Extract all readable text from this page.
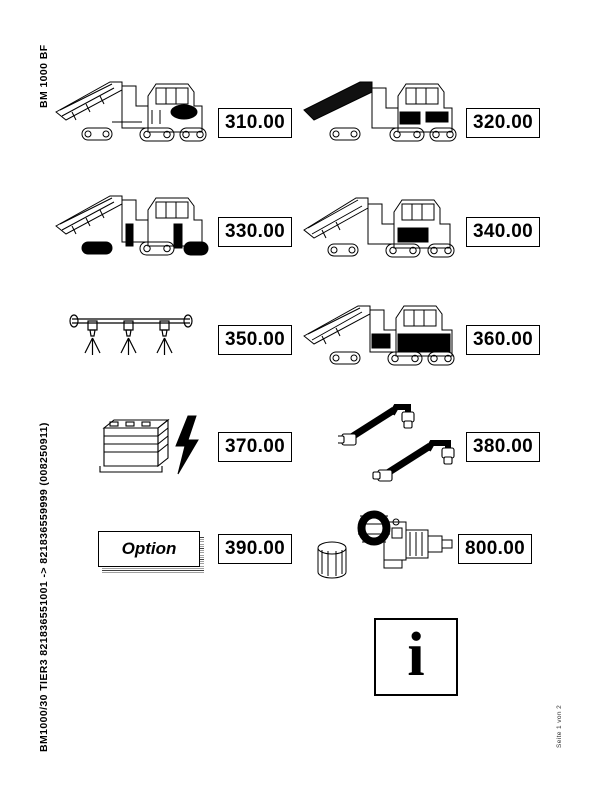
BM 1000 BF
BM1000/30 TIER3 821836551001 -> 821836559999 (008250911)	Seite 1 von 2
310.00	320.00
330.00	340.00
350.00	360.00
370.00	380.00
Option	390.00	800.00
i
